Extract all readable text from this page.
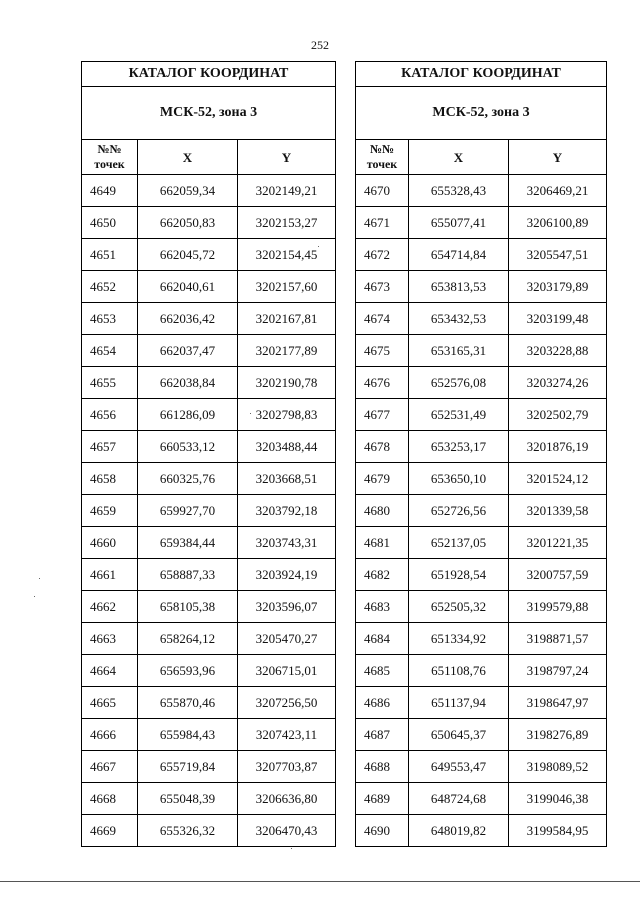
252
КАТАЛОГ КООРДИНАТ		
МСК-52, зона 3		
№№
точек	X	Y
4649	662059,34	3202149,21
4650	662050,83	3202153,27
4651	662045,72	3202154,45
4652	662040,61	3202157,60
4653	662036,42	3202167,81
4654	662037,47	3202177,89
4655	662038,84	3202190,78
4656	661286,09	3202798,83
4657	660533,12	3203488,44
4658	660325,76	3203668,51
4659	659927,70	3203792,18
4660	659384,44	3203743,31
4661	658887,33	3203924,19
4662	658105,38	3203596,07
4663	658264,12	3205470,27
4664	656593,96	3206715,01
4665	655870,46	3207256,50
4666	655984,43	3207423,11
4667	655719,84	3207703,87
4668	655048,39	3206636,80
4669	655326,32	3206470,43
КАТАЛОГ КООРДИНАТ		
МСК-52, зона 3		
№№
точек	X	Y
4670	655328,43	3206469,21
4671	655077,41	3206100,89
4672	654714,84	3205547,51
4673	653813,53	3203179,89
4674	653432,53	3203199,48
4675	653165,31	3203228,88
4676	652576,08	3203274,26
4677	652531,49	3202502,79
4678	653253,17	3201876,19
4679	653650,10	3201524,12
4680	652726,56	3201339,58
4681	652137,05	3201221,35
4682	651928,54	3200757,59
4683	652505,32	3199579,88
4684	651334,92	3198871,57
4685	651108,76	3198797,24
4686	651137,94	3198647,97
4687	650645,37	3198276,89
4688	649553,47	3198089,52
4689	648724,68	3199046,38
4690	648019,82	3199584,95
